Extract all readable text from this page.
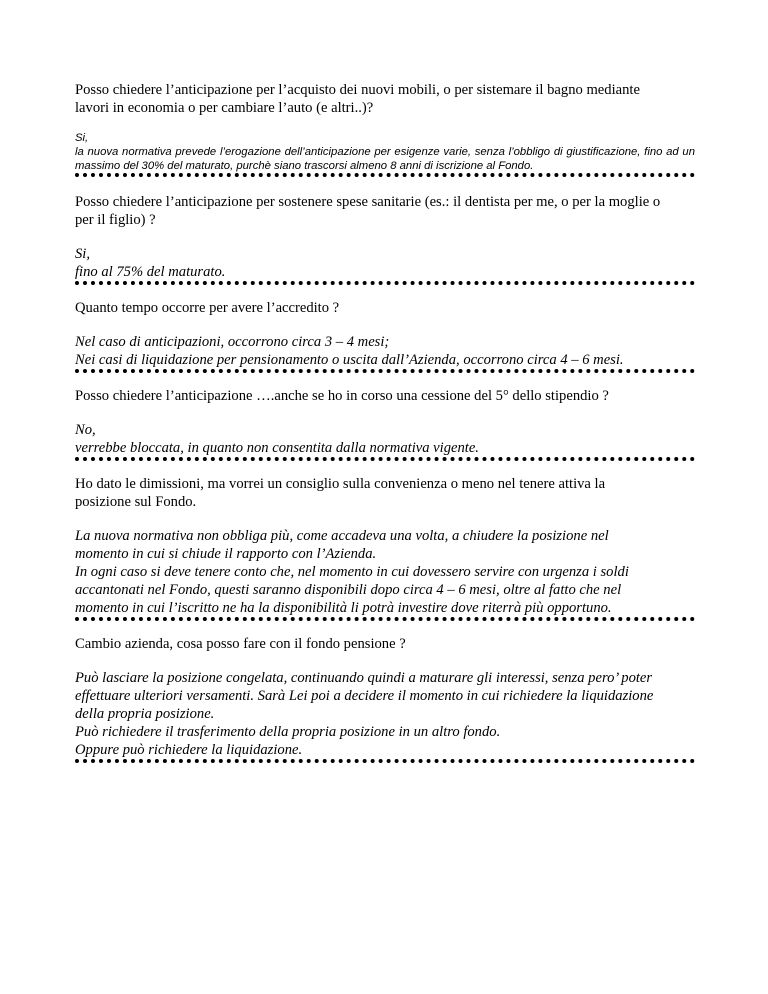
Posso chiedere l’anticipazione per l’acquisto dei nuovi mobili, o per sistemare il bagno mediante

lavori in economia o per cambiare l’auto (e altri..)?

Si,

la nuova normativa prevede l’erogazione dell’anticipazione per esigenze varie, senza l’obbligo di giustificazione, fino ad un massimo del 30% del maturato, purchè siano trascorsi almeno 8 anni di iscrizione al Fondo.

Posso chiedere l’anticipazione per sostenere spese sanitarie (es.: il dentista per me, o per la moglie o

per il figlio) ?

Si,

fino al 75% del maturato.

Quanto tempo occorre per avere l’accredito ?

Nel caso di anticipazioni, occorrono circa 3 – 4 mesi;

Nei casi di liquidazione per pensionamento o uscita dall’Azienda, occorrono circa 4 – 6 mesi.

Posso chiedere l’anticipazione ….anche se ho in corso una cessione del 5° dello stipendio ?

No,

verrebbe bloccata, in quanto non consentita dalla normativa vigente.

Ho dato le dimissioni, ma vorrei un consiglio sulla convenienza o meno nel tenere attiva la

posizione sul Fondo.

La nuova normativa non obbliga più, come accadeva una volta, a chiudere la posizione nel

momento in cui si chiude il rapporto con l’Azienda.

In ogni caso si deve tenere conto che, nel momento in cui dovessero servire con urgenza i soldi

accantonati nel Fondo, questi saranno disponibili dopo circa 4 – 6 mesi, oltre al fatto che nel

momento in cui l’iscritto ne ha la disponibilità li potrà investire dove riterrà più opportuno.

Cambio azienda, cosa posso fare con il fondo pensione ?

Può lasciare la posizione congelata, continuando quindi a maturare gli interessi, senza pero’ poter

effettuare ulteriori versamenti. Sarà Lei poi a decidere il momento in cui richiedere la liquidazione

della propria posizione.

Può richiedere il trasferimento della propria posizione in un altro fondo.

Oppure può richiedere la liquidazione.
